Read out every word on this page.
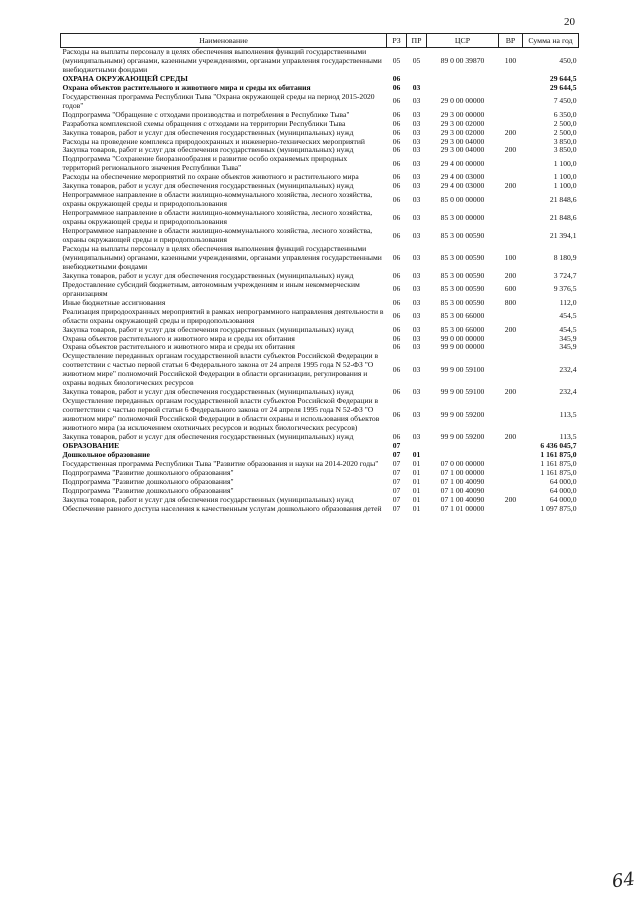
20
Наименование	РЗ	ПР	ЦСР	ВР	Сумма на год
Расходы на выплаты персоналу в целях обеспечения выполнения функций государственными (муниципальными) органами, казенными учреждениями, органами управления государственными внебюджетными фондами	05	05	89 0 00 39870	100	450,0
ОХРАНА ОКРУЖАЮЩЕЙ СРЕДЫ	06				29 644,5
Охрана объектов растительного и животного мира и среды их обитания	06	03			29 644,5
Государственная программа Республики Тыва "Охрана окружающей среды на период 2015-2020 годов"	06	03	29 0 00 00000		7 450,0
Подпрограмма "Обращение с отходами производства и потребления в Республике Тыва"	06	03	29 3 00 00000		6 350,0
Разработка комплексной схемы обращения с отходами на территории Республики Тыва	06	03	29 3 00 02000		2 500,0
Закупка товаров, работ и услуг для обеспечения государственных (муниципальных) нужд	06	03	29 3 00 02000	200	2 500,0
Расходы на проведение комплекса природоохранных и инженерно-технических мероприятий	06	03	29 3 00 04000		3 850,0
Закупка товаров, работ и услуг для обеспечения государственных (муниципальных) нужд	06	03	29 3 00 04000	200	3 850,0
Подпрограмма "Сохранение биоразнообразия и развитие особо охраняемых природных территорий регионального значения Республики Тыва"	06	03	29 4 00 00000		1 100,0
Расходы на обеспечение мероприятий по охране объектов животного и растительного мира	06	03	29 4 00 03000		1 100,0
Закупка товаров, работ и услуг для обеспечения государственных (муниципальных) нужд	06	03	29 4 00 03000	200	1 100,0
Непрограммное направление в области жилищно-коммунального хозяйства, лесного хозяйства, охраны окружающей среды и природопользования	06	03	85 0 00 00000		21 848,6
Непрограммное направление в области жилищно-коммунального хозяйства, лесного хозяйства, охраны окружающей среды и природопользования	06	03	85 3 00 00000		21 848,6
Непрограммное направление в области жилищно-коммунального хозяйства, лесного хозяйства, охраны окружающей среды и природопользования	06	03	85 3 00 00590		21 394,1
Расходы на выплаты персоналу в целях обеспечения выполнения функций государственными (муниципальными) органами, казенными учреждениями, органами управления государственными внебюджетными фондами	06	03	85 3 00 00590	100	8 180,9
Закупка товаров, работ и услуг для обеспечения государственных (муниципальных) нужд	06	03	85 3 00 00590	200	3 724,7
Предоставление субсидий бюджетным, автономным учреждениям и иным некоммерческим организациям	06	03	85 3 00 00590	600	9 376,5
Иные бюджетные ассигнования	06	03	85 3 00 00590	800	112,0
Реализация природоохранных мероприятий в рамках непрограммного направления деятельности в области охраны окружающей среды и природопользования	06	03	85 3 00 66000		454,5
Закупка товаров, работ и услуг для обеспечения государственных (муниципальных) нужд	06	03	85 3 00 66000	200	454,5
Охрана объектов растительного и животного мира и среды их обитания	06	03	99 0 00 00000		345,9
Охрана объектов растительного и животного мира и среды их обитания	06	03	99 9 00 00000		345,9
Осуществление переданных органам государственной власти субъектов Российской Федерации в соответствии с частью первой статьи 6 Федерального закона от 24 апреля 1995 года N 52-ФЗ "О животном мире" полномочий Российской Федерации в области организации, регулирования и охраны водных биологических ресурсов	06	03	99 9 00 59100		232,4
Закупка товаров, работ и услуг для обеспечения государственных (муниципальных) нужд	06	03	99 9 00 59100	200	232,4
Осуществление переданных органам государственной власти субъектов Российской Федерации в соответствии с частью первой статьи 6 Федерального закона от 24 апреля 1995 года N 52-ФЗ "О животном мире" полномочий Российской Федерации в области охраны и использования объектов животного мира (за исключением охотничьих ресурсов и водных биологических ресурсов)	06	03	99 9 00 59200		113,5
Закупка товаров, работ и услуг для обеспечения государственных (муниципальных) нужд	06	03	99 9 00 59200	200	113,5
ОБРАЗОВАНИЕ	07				6 436 045,7
Дошкольное образование	07	01			1 161 875,0
Государственная программа Республики Тыва "Развитие образования и науки на 2014-2020 годы"	07	01	07 0 00 00000		1 161 875,0
Подпрограмма "Развитие дошкольного образования"	07	01	07 1 00 00000		1 161 875,0
Подпрограмма "Развитие дошкольного образования"	07	01	07 1 00 40090		64 000,0
Подпрограмма "Развитие дошкольного образования"	07	01	07 1 00 40090		64 000,0
Закупка товаров, работ и услуг для обеспечения государственных (муниципальных) нужд	07	01	07 1 00 40090	200	64 000,0
Обеспечение равного доступа населения к качественным услугам дошкольного образования детей	07	01	07 1 01 00000		1 097 875,0
64
